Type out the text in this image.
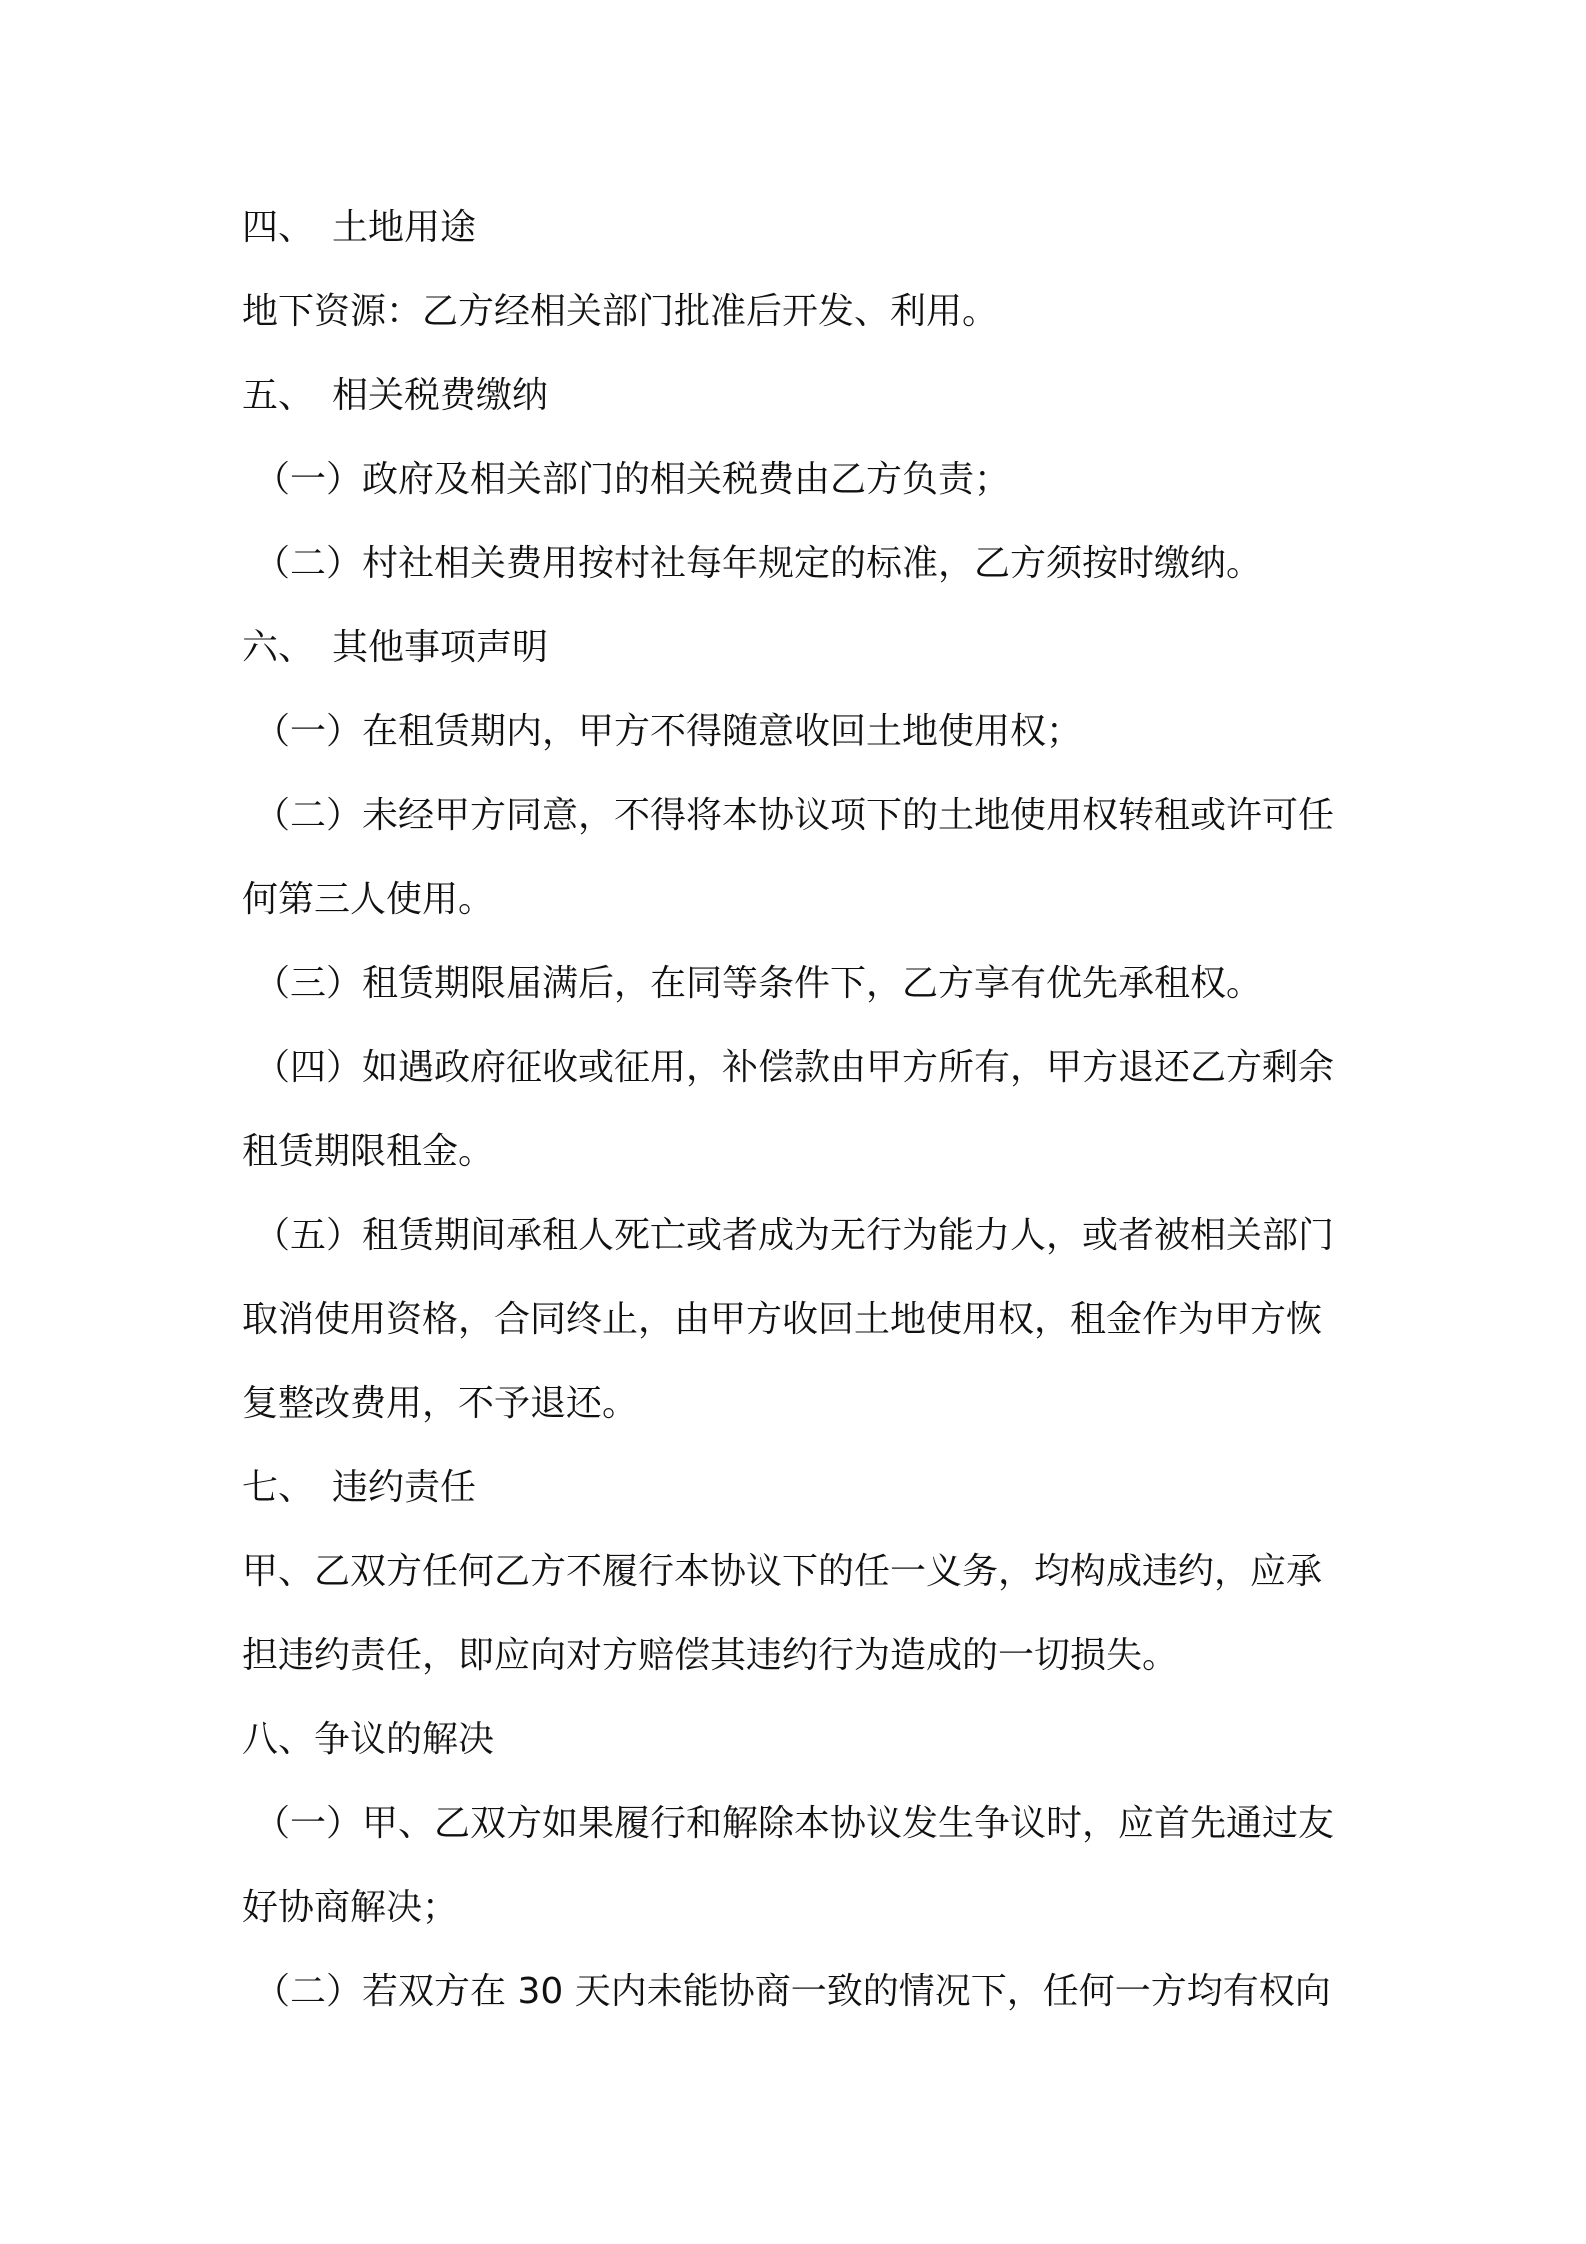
四、　土地用途
地下资源：乙方经相关部门批准后开发、利用。
五、　相关税费缴纳
（一）政府及相关部门的相关税费由乙方负责；
（二）村社相关费用按村社每年规定的标准，乙方须按时缴纳。
六、　其他事项声明
（一）在租赁期内，甲方不得随意收回土地使用权；
（二）未经甲方同意，不得将本协议项下的土地使用权转租或许可任
何第三人使用。
（三）租赁期限届满后，在同等条件下，乙方享有优先承租权。
（四）如遇政府征收或征用，补偿款由甲方所有，甲方退还乙方剩余
租赁期限租金。
（五）租赁期间承租人死亡或者成为无行为能力人，或者被相关部门
取消使用资格，合同终止，由甲方收回土地使用权，租金作为甲方恢
复整改费用，不予退还。
七、　违约责任
甲、乙双方任何乙方不履行本协议下的任一义务，均构成违约，应承
担违约责任，即应向对方赔偿其违约行为造成的一切损失。
八、争议的解决
（一）甲、乙双方如果履行和解除本协议发生争议时，应首先通过友
好协商解决；
（二）若双方在 30 天内未能协商一致的情况下，任何一方均有权向
